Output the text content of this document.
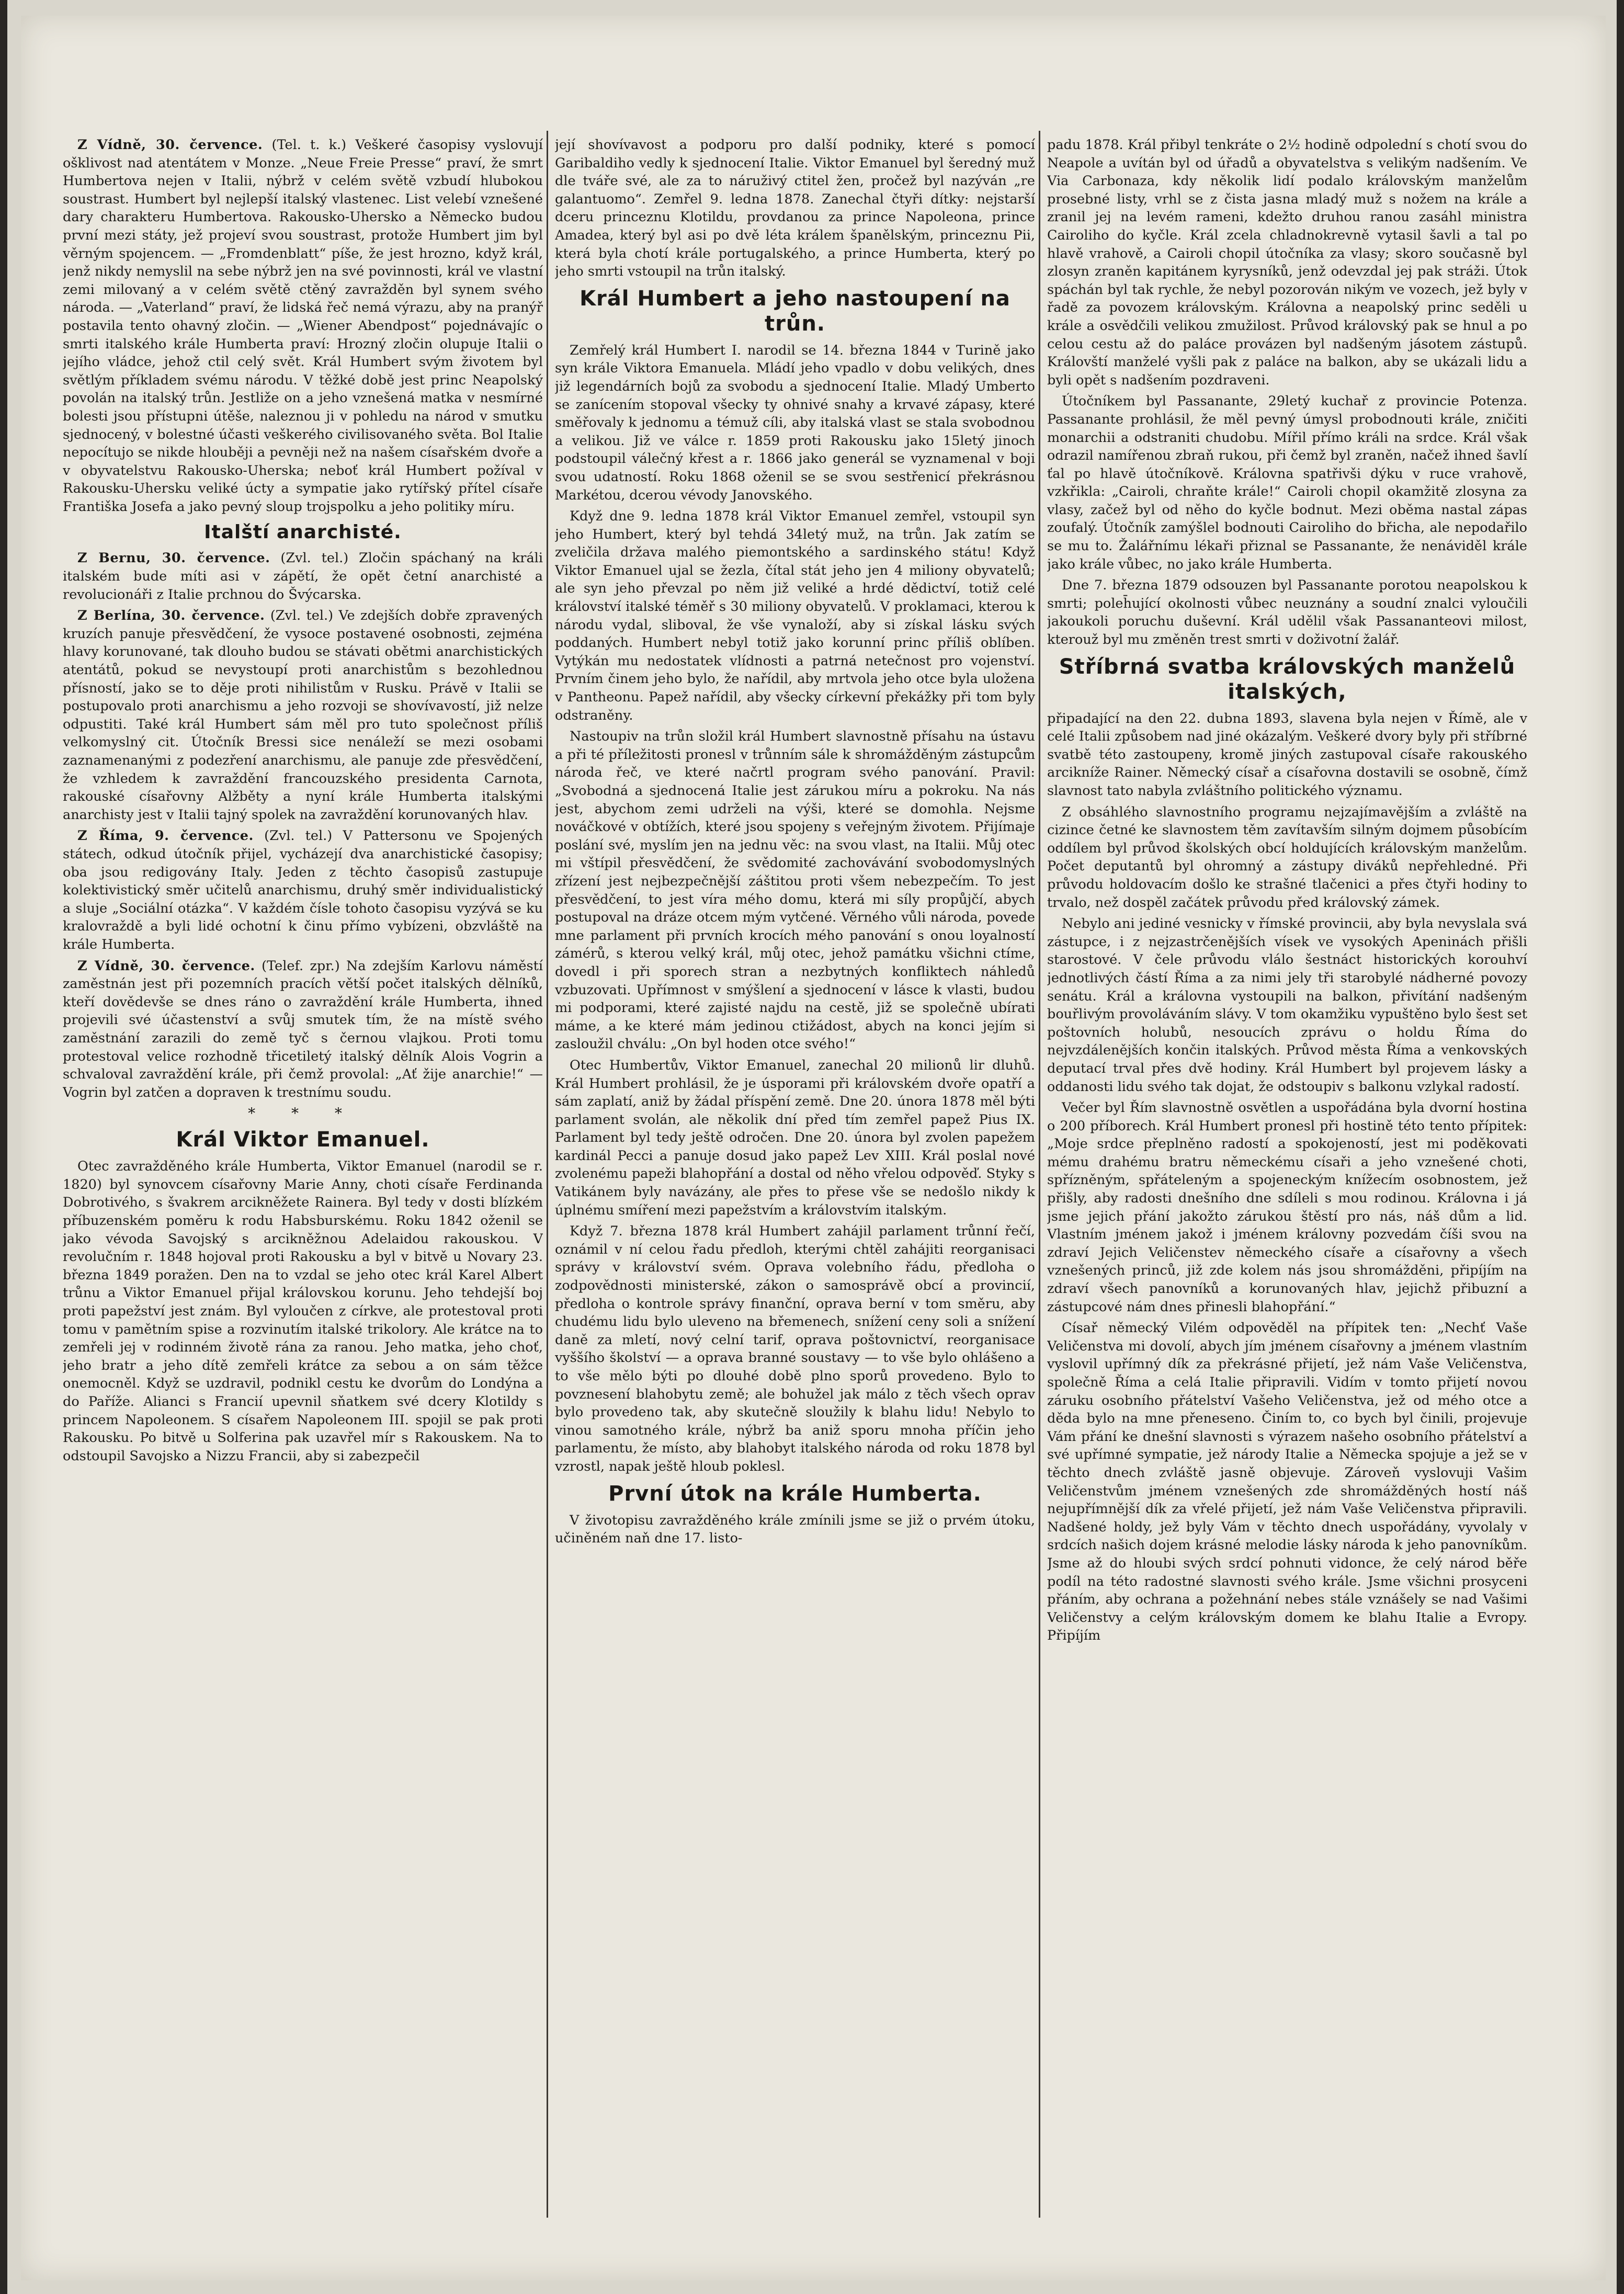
Z Vídně, 30. července. (Tel. t. k.) Veškeré časopisy vyslovují ošklivost nad atentátem v Monze. „Neue Freie Presse“ praví, že smrt Humbertova nejen v Italii, nýbrž v celém světě vzbudí hlubokou soustrast. Humbert byl nejlepší italský vlastenec. List velebí vznešené dary charakteru Humbertova. Rakousko-Uhersko a Německo budou první mezi státy, jež projeví svou soustrast, protože Humbert jim byl věrným spojencem. — „Fromdenblatt“ píše, že jest hrozno, když král, jenž nikdy nemyslil na sebe nýbrž jen na své povinnosti, král ve vlastní zemi milovaný a v celém světě ctěný zavražděn byl synem svého národa. — „Vaterland“ praví, že lidská řeč nemá výrazu, aby na pranýř postavila tento ohavný zločin. — „Wiener Abendpost“ pojednávajíc o smrti italského krále Humberta praví: Hrozný zločin olupuje Italii o jejího vládce, jehož ctil celý svět. Král Humbert svým životem byl světlým příkladem svému národu. V těžké době jest princ Neapolský povolán na italský trůn. Jestliže on a jeho vznešená matka v nesmírné bolesti jsou přístupni útěše, naleznou ji v pohledu na národ v smutku sjednocený, v bolestné účasti veškerého civilisovaného světa. Bol Italie nepocítujo se nikde hlouběji a pevněji než na našem císařském dvoře a v obyvatelstvu Rakousko-Uherska; neboť král Humbert požíval v Rakousku-Uhersku veliké úcty a sympatie jako rytířský přítel císaře Františka Josefa a jako pevný sloup trojspolku a jeho politiky míru.

Italští anarchisté.

Z Bernu, 30. července. (Zvl. tel.) Zločin spáchaný na králi italském bude míti asi v zápětí, že opět četní anarchisté a revolucionáři z Italie prchnou do Švýcarska.

Z Berlína, 30. července. (Zvl. tel.) Ve zdejších dobře zpravených kruzích panuje přesvědčení, že vysoce postavené osobnosti, zejména hlavy korunované, tak dlouho budou se stávati obětmi anarchistických atentátů, pokud se nevystoupí proti anarchistům s bezohlednou přísností, jako se to děje proti nihilistům v Rusku. Právě v Italii se postupovalo proti anarchismu a jeho rozvoji se shovívavostí, již nelze odpustiti. Také král Humbert sám měl pro tuto společnost příliš velkomyslný cit. Útočník Bressi sice nenáleží se mezi osobami zaznamenanými z podezření anarchismu, ale panuje zde přesvědčení, že vzhledem k zavraždění francouzského presidenta Carnota, rakouské císařovny Alžběty a nyní krále Humberta italskými anarchisty jest v Italii tajný spolek na zavraždění korunovaných hlav.

Z Říma, 9. července. (Zvl. tel.) V Pattersonu ve Spojených státech, odkud útočník přijel, vycházejí dva anarchistické časopisy; oba jsou redigovány Italy. Jeden z těchto časopisů zastupuje kolektivistický směr učitelů anarchismu, druhý směr individualistický a sluje „Sociální otázka“. V každém čísle tohoto časopisu vyzývá se ku kralovraždě a byli lidé ochotní k činu přímo vybízeni, obzvláště na krále Humberta.

Z Vídně, 30. července. (Telef. zpr.) Na zdejším Karlovu náměstí zaměstnán jest při pozemních pracích větší počet italských dělníků, kteří dovědevše se dnes ráno o zavraždění krále Humberta, ihned projevili své účastenství a svůj smutek tím, že na místě svého zaměstnání zarazili do země tyč s černou vlajkou. Proti tomu protestoval velice rozhodně třicetiletý italský dělník Alois Vogrin a schvaloval zavraždění krále, při čemž provolal: „Ať žije anarchie!“ — Vogrin byl zatčen a dopraven k trestnímu soudu.

* * *
Král Viktor Emanuel.

Otec zavražděného krále Humberta, Viktor Emanuel (narodil se r. 1820) byl synovcem císařovny Marie Anny, choti císaře Ferdinanda Dobrotivého, s švakrem arcikněžete Rainera. Byl tedy v dosti blízkém příbuzenském poměru k rodu Habsburskému. Roku 1842 oženil se jako vévoda Savojský s arcikněžnou Adelaidou rakouskou. V revolučním r. 1848 hojoval proti Rakousku a byl v bitvě u Novary 23. března 1849 poražen. Den na to vzdal se jeho otec král Karel Albert trůnu a Viktor Emanuel přijal královskou korunu. Jeho tehdejší boj proti papežství jest znám. Byl vyloučen z církve, ale protestoval proti tomu v pamětním spise a rozvinutím italské trikolory. Ale krátce na to zemřeli jej v rodinném životě rána za ranou. Jeho matka, jeho choť, jeho bratr a jeho dítě zemřeli krátce za sebou a on sám těžce onemocněl. Když se uzdravil, podnikl cestu ke dvorům do Londýna a do Paříže. Alianci s Francií upevnil sňatkem své dcery Klotildy s princem Napoleonem. S císařem Napoleonem III. spojil se pak proti Rakousku. Po bitvě u Solferina pak uzavřel mír s Rakouskem. Na to odstoupil Savojsko a Nizzu Francii, aby si zabezpečil

její shovívavost a podporu pro další podniky, které s pomocí Garibaldiho vedly k sjednocení Italie. Viktor Emanuel byl šeredný muž dle tváře své, ale za to náruživý ctitel žen, pročež byl nazýván „re galantuomo“. Zemřel 9. ledna 1878. Zanechal čtyři dítky: nejstarší dceru princeznu Klotildu, provdanou za prince Napoleona, prince Amadea, který byl asi po dvě léta králem španělským, princeznu Pii, která byla chotí krále portugalského, a prince Humberta, který po jeho smrti vstoupil na trůn italský.

Král Humbert a jeho nastoupení na trůn.

Zemřelý král Humbert I. narodil se 14. března 1844 v Turině jako syn krále Viktora Emanuela. Mládí jeho vpadlo v dobu velikých, dnes již legendárních bojů za svobodu a sjednocení Italie. Mladý Umberto se zanícením stopoval všecky ty ohnivé snahy a krvavé zápasy, které směřovaly k jednomu a témuž cíli, aby italská vlast se stala svobodnou a velikou. Již ve válce r. 1859 proti Rakousku jako 15letý jinoch podstoupil válečný křest a r. 1866 jako generál se vyznamenal v boji svou udatností. Roku 1868 oženil se se svou sestřenicí překrásnou Markétou, dcerou vévody Janovského.

Když dne 9. ledna 1878 král Viktor Emanuel zemřel, vstoupil syn jeho Humbert, který byl tehdá 34letý muž, na trůn. Jak zatím se zveličila država malého piemontského a sardinského státu! Když Viktor Emanuel ujal se žezla, čítal stát jeho jen 4 miliony obyvatelů; ale syn jeho převzal po něm již veliké a hrdé dědictví, totiž celé království italské téměř s 30 miliony obyvatelů. V proklamaci, kterou k národu vydal, sliboval, že vše vynaloží, aby si získal lásku svých poddaných. Humbert nebyl totiž jako korunní princ příliš oblíben. Vytýkán mu nedostatek vlídnosti a patrná netečnost pro vojenství. Prvním činem jeho bylo, že nařídil, aby mrtvola jeho otce byla uložena v Pantheonu. Papež nařídil, aby všecky církevní překážky při tom byly odstraněny.

Nastoupiv na trůn složil král Humbert slavnostně přísahu na ústavu a při té příležitosti pronesl v trůnním sále k shromážděným zástupcům národa řeč, ve které načrtl program svého panování. Pravil: „Svobodná a sjednocená Italie jest zárukou míru a pokroku. Na nás jest, abychom zemi udrželi na výši, které se domohla. Nejsme nováčkové v obtížích, které jsou spojeny s veřejným životem. Přijímaje poslání své, myslím jen na jednu věc: na svou vlast, na Italii. Můj otec mi vštípil přesvědčení, že svědomité zachovávání svobodomyslných zřízení jest nejbezpečnější záštitou proti všem nebezpečím. To jest přesvědčení, to jest víra mého domu, která mi síly propůjčí, abych postupoval na dráze otcem mým vytčené. Věrného vůli národa, povede mne parlament při prvních krocích mého panování s onou loyalností zámérů, s kterou velký král, můj otec, jehož památku všichni ctíme, dovedl i při sporech stran a nezbytných konfliktech náhledů vzbuzovati. Upřímnost v smýšlení a sjednocení v lásce k vlasti, budou mi podporami, které zajisté najdu na cestě, již se společně ubírati máme, a ke které mám jedinou ctižádost, abych na konci jejím si zasloužil chválu: „On byl hoden otce svého!“

Otec Humbertův, Viktor Emanuel, zanechal 20 milionů lir dluhů. Král Humbert prohlásil, že je úsporami při královském dvoře opatří a sám zaplatí, aniž by žádal příspění země. Dne 20. února 1878 měl býti parlament svolán, ale několik dní před tím zemřel papež Pius IX. Parlament byl tedy ještě odročen. Dne 20. února byl zvolen papežem kardinál Pecci a panuje dosud jako papež Lev XIII. Král poslal nové zvolenému papeži blahopřání a dostal od něho vřelou odpověď. Styky s Vatikánem byly navázány, ale přes to přese vše se nedošlo nikdy k úplnému smíření mezi papežstvím a královstvím italským.

Když 7. března 1878 král Humbert zahájil parlament trůnní řečí, oznámil v ní celou řadu předloh, kterými chtěl zahájiti reorganisaci správy v království svém. Oprava volebního řádu, předloha o zodpovědnosti ministerské, zákon o samosprávě obcí a provincií, předloha o kontrole správy finanční, oprava berní v tom směru, aby chudému lidu bylo uleveno na břemenech, snížení ceny soli a snížení daně za mletí, nový celní tarif, oprava poštovnictví, reorganisace vyššího školství — a oprava branné soustavy — to vše bylo ohlášeno a to vše mělo býti po dlouhé době plno sporů provedeno. Bylo to povznesení blahobytu země; ale bohužel jak málo z těch všech oprav bylo provedeno tak, aby skutečně sloužily k blahu lidu! Nebylo to vinou samotného krále, nýbrž ba aniž sporu mnoha příčin jeho parlamentu, že místo, aby blahobyt italského národa od roku 1878 byl vzrostl, napak ještě hloub poklesl.

První útok na krále Humberta.

V životopisu zavražděného krále zmínili jsme se již o prvém útoku, učiněném naň dne 17. listo-

padu 1878. Král přibyl tenkráte o 2½ hodině odpolední s chotí svou do Neapole a uvítán byl od úřadů a obyvatelstva s velikým nadšením. Ve Via Carbonaza, kdy několik lidí podalo královským manželům prosebné listy, vrhl se z čista jasna mladý muž s nožem na krále a zranil jej na levém rameni, kdežto druhou ranou zasáhl ministra Cairoliho do kyčle. Král zcela chladnokrevně vytasil šavli a tal po hlavě vrahově, a Cairoli chopil útočníka za vlasy; skoro současně byl zlosyn zraněn kapitánem kyrysníků, jenž odevzdal jej pak stráži. Útok spáchán byl tak rychle, že nebyl pozorován nikým ve vozech, jež byly v řadě za povozem královským. Královna a neapolský princ seděli u krále a osvědčili velikou zmužilost. Průvod královský pak se hnul a po celou cestu až do paláce provázen byl nadšeným jásotem zástupů. Královští manželé vyšli pak z paláce na balkon, aby se ukázali lidu a byli opět s nadšením pozdraveni.

Útočníkem byl Passanante, 29letý kuchař z provincie Potenza. Passanante prohlásil, že měl pevný úmysl probodnouti krále, zničiti monarchii a odstraniti chudobu. Mířil přímo králi na srdce. Král však odrazil namířenou zbraň rukou, při čemž byl zraněn, načež ihned šavlí ťal po hlavě útočníkově. Královna spatřivši dýku v ruce vrahově, vzkřikla: „Cairoli, chraňte krále!“ Cairoli chopil okamžitě zlosyna za vlasy, začež byl od něho do kyčle bodnut. Mezi oběma nastal zápas zoufalý. Útočník zamýšlel bodnouti Cairoliho do břicha, ale nepodařilo se mu to. Žalářnímu lékaři přiznal se Passanante, že nenáviděl krále jako krále vůbec, no jako krále Humberta.

Dne 7. března 1879 odsouzen byl Passanante porotou neapolskou k smrti; poleh̄ující okolnosti vůbec neuznány a soudní znalci vyloučili jakoukoli poruchu duševní. Král udělil však Passananteovi milost, kterouž byl mu změněn trest smrti v doživotní žalář.

Stříbrná svatba královských manželů italských,

připadající na den 22. dubna 1893, slavena byla nejen v Římě, ale v celé Italii způsobem nad jiné okázalým. Veškeré dvory byly při stříbrné svatbě této zastoupeny, kromě jiných zastupoval císaře rakouského arcikníže Rainer. Německý císař a císařovna dostavili se osobně, čímž slavnost tato nabyla zvláštního politického významu.

Z obsáhlého slavnostního programu nejzajímavějším a zvláště na cizince četné ke slavnostem těm zavítavším silným dojmem působícím oddílem byl průvod školských obcí holdujících královským manželům. Počet deputantů byl ohromný a zástupy diváků nepřehledné. Při průvodu holdovacím došlo ke strašné tlačenici a přes čtyři hodiny to trvalo, než dospěl začátek průvodu před královský zámek.

Nebylo ani jediné vesnicky v římské provincii, aby byla nevyslala svá zástupce, i z nejzastrčenějších vísek ve vysokých Apeninách přišli starostové. V čele průvodu vlálo šestnáct historických korouhví jednotlivých částí Říma a za nimi jely tři starobylé nádherné povozy senátu. Král a královna vystoupili na balkon, přivítání nadšeným bouřlivým provoláváním slávy. V tom okamžiku vypuštěno bylo šest set poštovních holubů, nesoucích zprávu o holdu Říma do nejvzdálenějších končin italských. Průvod města Říma a venkovských deputací trval přes dvě hodiny. Král Humbert byl projevem lásky a oddanosti lidu svého tak dojat, že odstoupiv s balkonu vzlykal radostí.

Večer byl Řím slavnostně osvětlen a uspořádána byla dvorní hostina o 200 příborech. Král Humbert pronesl při hostině této tento přípitek: „Moje srdce přeplněno radostí a spokojeností, jest mi poděkovati mému drahému bratru německému císaři a jeho vznešené choti, spřízněným, spřáteleným a spojeneckým knížecím osobnostem, jež přišly, aby radosti dnešního dne sdíleli s mou rodinou. Královna i já jsme jejich přání jakožto zárukou štěstí pro nás, náš dům a lid. Vlastním jménem jakož i jménem královny pozvedám číši svou na zdraví Jejich Veličenstev německého císaře a císařovny a všech vznešených princů, již zde kolem nás jsou shromážděni, připíjím na zdraví všech panovníků a korunovaných hlav, jejichž přibuzní a zástupcové nám dnes přinesli blahopřání.“

Císař německý Vilém odpověděl na přípitek ten: „Nechť Vaše Veličenstva mi dovolí, abych jím jménem císařovny a jménem vlastním vyslovil upřímný dík za překrásné přijetí, jež nám Vaše Veličenstva, společně Říma a celá Italie připravili. Vidím v tomto přijetí novou záruku osobního přátelství Vašeho Veličenstva, jež od mého otce a děda bylo na mne přeneseno. Činím to, co bych byl činili, projevuje Vám přání ke dnešní slavnosti s výrazem našeho osobního přátelství a své upřímné sympatie, jež národy Italie a Německa spojuje a jež se v těchto dnech zvláště jasně objevuje. Zároveň vyslovuji Vašim Veličenstvům jménem vznešených zde shromážděných hostí náš nejupřímnější dík za vřelé přijetí, jež nám Vaše Veličenstva připravili. Nadšené holdy, jež byly Vám v těchto dnech uspořádány, vyvolaly v srdcích našich dojem krásné melodie lásky národa k jeho panovníkům. Jsme až do hloubi svých srdcí pohnuti vidonce, že celý národ běře podíl na této radostné slavnosti svého krále. Jsme všichni prosyceni přáním, aby ochrana a požehnání nebes stále vznášely se nad Vašimi Veličenstvy a celým královským domem ke blahu Italie a Evropy. Připíjím
